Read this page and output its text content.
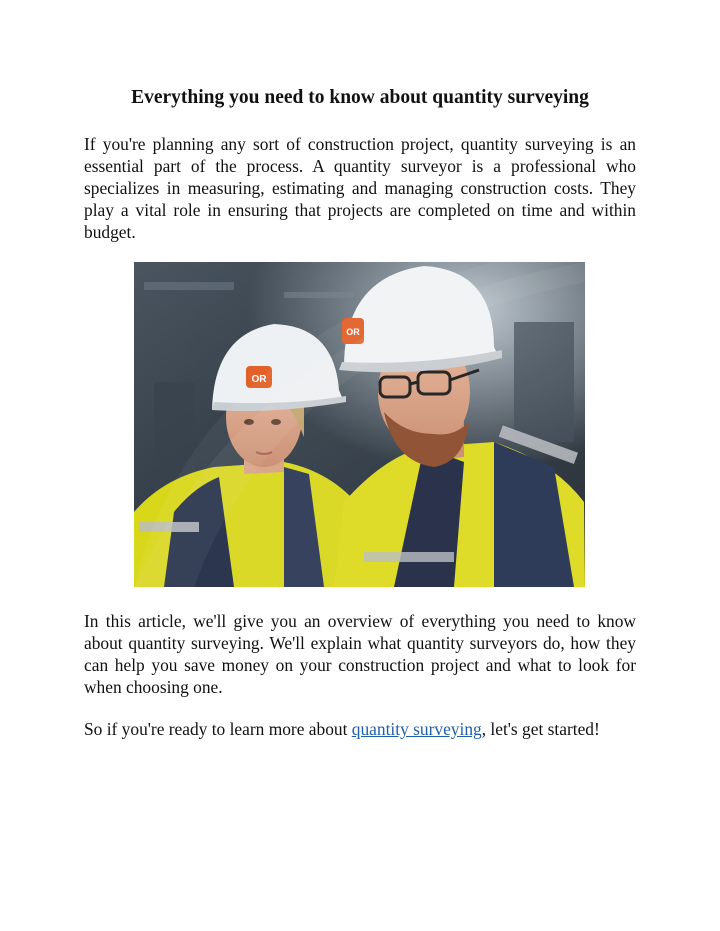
Everything you need to know about quantity surveying

If you're planning any sort of construction project, quantity surveying is an essential part of the process. A quantity surveyor is a professional who specializes in measuring, estimating and managing construction costs. They play a vital role in ensuring that projects are completed on time and within budget.

OR
OR

In this article, we'll give you an overview of everything you need to know about quantity surveying. We'll explain what quantity surveyors do, how they can help you save money on your construction project and what to look for when choosing one.

So if you're ready to learn more about quantity surveying, let's get started!
